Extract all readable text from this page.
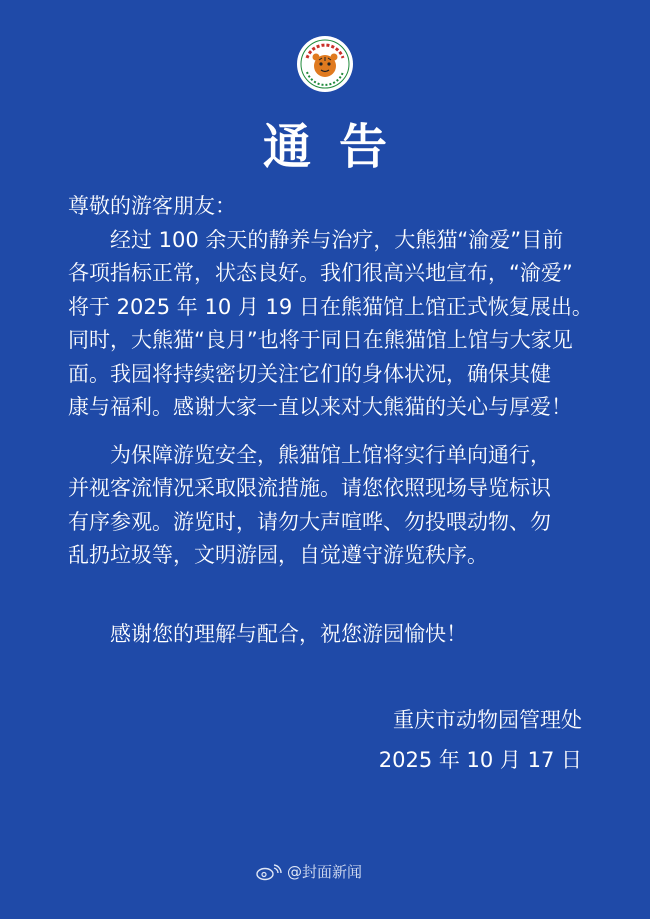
通告
尊敬的游客朋友：

　　经过 100 余天的静养与治疗，大熊猫“渝爱”目前
各项指标正常，状态良好。我们很高兴地宣布，“渝爱”
将于 2025 年 10 月 19 日在熊猫馆上馆正式恢复展出。
同时，大熊猫“良月”也将于同日在熊猫馆上馆与大家见
面。我园将持续密切关注它们的身体状况，确保其健
康与福利。感谢大家一直以来对大熊猫的关心与厚爱！

　　为保障游览安全，熊猫馆上馆将实行单向通行，
并视客流情况采取限流措施。请您依照现场导览标识
有序参观。游览时，请勿大声喧哗、勿投喂动物、勿
乱扔垃圾等，文明游园，自觉遵守游览秩序。

　　感谢您的理解与配合，祝您游园愉快！

重庆市动物园管理处
2025 年 10 月 17 日
@封面新闻
